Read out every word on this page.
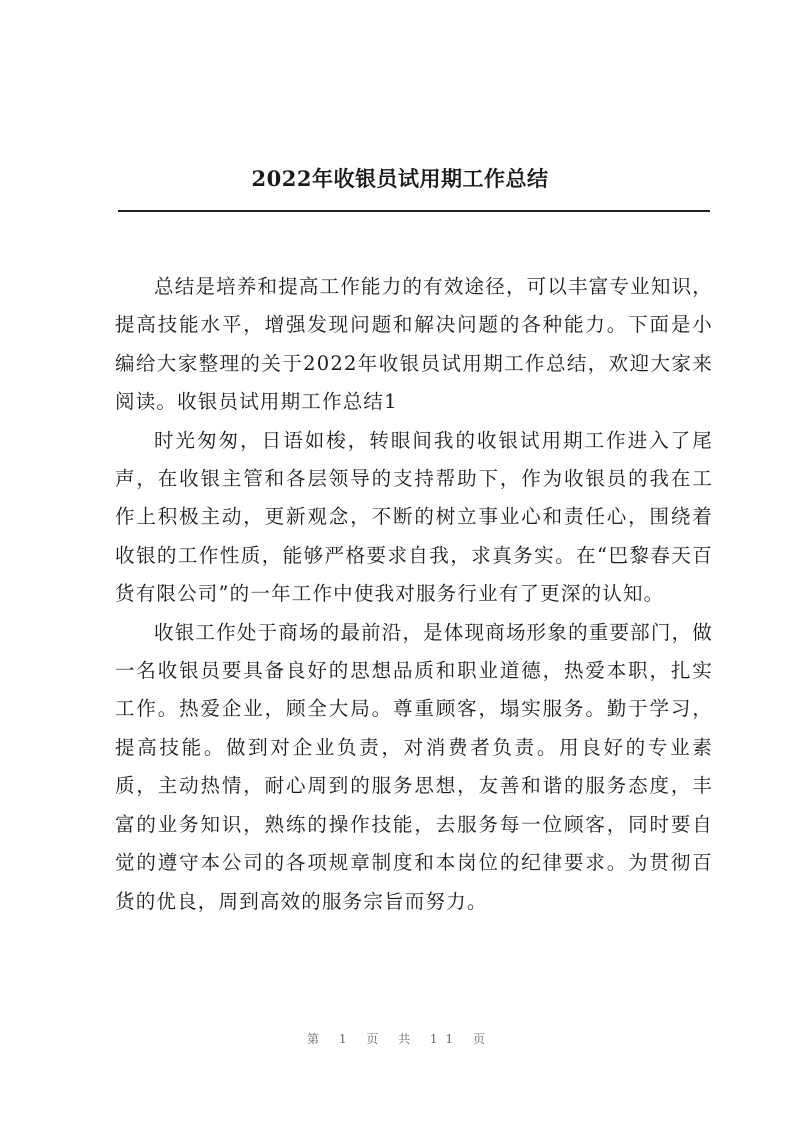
2022年收银员试用期工作总结

总结是培养和提高工作能力的有效途径，可以丰富专业知识，提高技能水平，增强发现问题和解决问题的各种能力。下面是小编给大家整理的关于2022年收银员试用期工作总结，欢迎大家来阅读。收银员试用期工作总结1

时光匆匆，日语如梭，转眼间我的收银试用期工作进入了尾声，在收银主管和各层领导的支持帮助下，作为收银员的我在工作上积极主动，更新观念，不断的树立事业心和责任心，围绕着收银的工作性质，能够严格要求自我，求真务实。在“巴黎春天百货有限公司”的一年工作中使我对服务行业有了更深的认知。

收银工作处于商场的最前沿，是体现商场形象的重要部门，做一名收银员要具备良好的思想品质和职业道德，热爱本职，扎实工作。热爱企业，顾全大局。尊重顾客，塌实服务。勤于学习，提高技能。做到对企业负责，对消费者负责。用良好的专业素质，主动热情，耐心周到的服务思想，友善和谐的服务态度，丰富的业务知识，熟练的操作技能，去服务每一位顾客，同时要自觉的遵守本公司的各项规章制度和本岗位的纪律要求。为贯彻百货的优良，周到高效的服务宗旨而努力。

第 1 页 共 11 页
